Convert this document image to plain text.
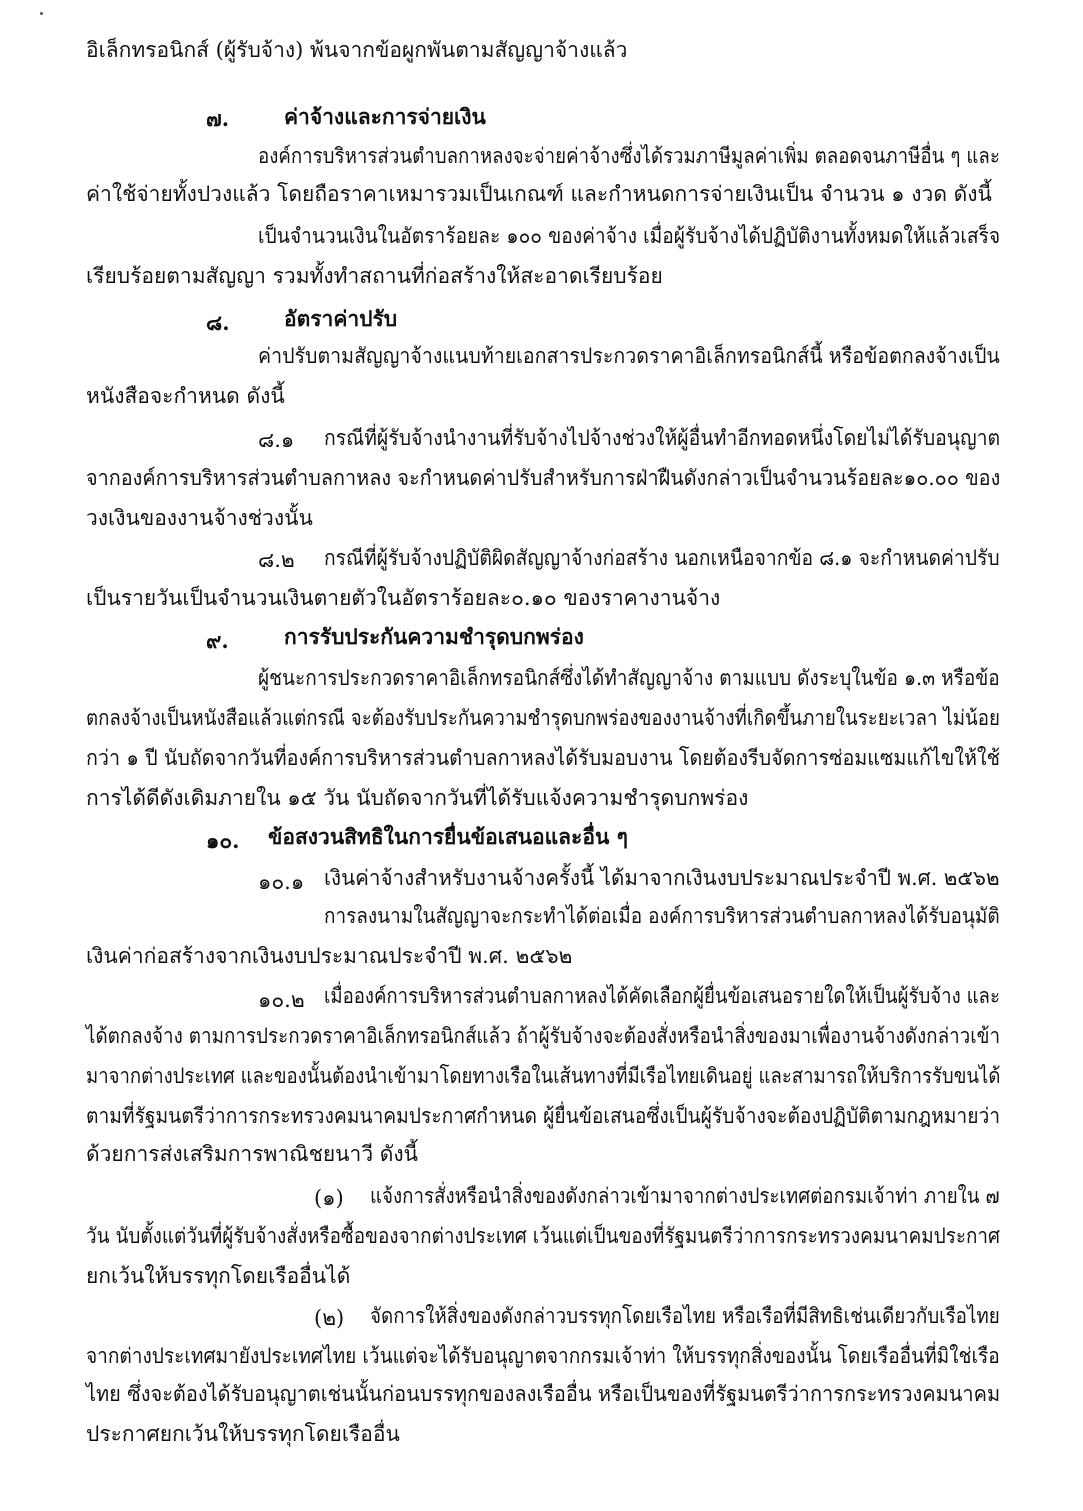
อิเล็กทรอนิกส์ (ผู้รับจ้าง) พ้นจากข้อผูกพันตามสัญญาจ้างแล้ว
๗.	ค่าจ้างและการจ่ายเงิน
องค์การบริหารส่วนตำบลกาหลงจะจ่ายค่าจ้างซึ่งได้รวมภาษีมูลค่าเพิ่ม ตลอดจนภาษีอื่น ๆ และ
ค่าใช้จ่ายทั้งปวงแล้ว โดยถือราคาเหมารวมเป็นเกณฑ์ และกำหนดการจ่ายเงินเป็น จำนวน ๑ งวด ดังนี้
เป็นจำนวนเงินในอัตราร้อยละ ๑๐๐ ของค่าจ้าง เมื่อผู้รับจ้างได้ปฏิบัติงานทั้งหมดให้แล้วเสร็จ
เรียบร้อยตามสัญญา รวมทั้งทำสถานที่ก่อสร้างให้สะอาดเรียบร้อย
๘.	อัตราค่าปรับ
ค่าปรับตามสัญญาจ้างแนบท้ายเอกสารประกวดราคาอิเล็กทรอนิกส์นี้ หรือข้อตกลงจ้างเป็น
หนังสือจะกำหนด ดังนี้
๘.๑ กรณีที่ผู้รับจ้างนำงานที่รับจ้างไปจ้างช่วงให้ผู้อื่นทำอีกทอดหนึ่งโดยไม่ได้รับอนุญาต
จากองค์การบริหารส่วนตำบลกาหลง จะกำหนดค่าปรับสำหรับการฝ่าฝืนดังกล่าวเป็นจำนวนร้อยละ๑๐.๐๐ ของ
วงเงินของงานจ้างช่วงนั้น
๘.๒ กรณีที่ผู้รับจ้างปฏิบัติผิดสัญญาจ้างก่อสร้าง นอกเหนือจากข้อ ๘.๑ จะกำหนดค่าปรับ
เป็นรายวันเป็นจำนวนเงินตายตัวในอัตราร้อยละ๐.๑๐ ของราคางานจ้าง
๙.	การรับประกันความชำรุดบกพร่อง
ผู้ชนะการประกวดราคาอิเล็กทรอนิกส์ซึ่งได้ทำสัญญาจ้าง ตามแบบ ดังระบุในข้อ ๑.๓ หรือข้อ
ตกลงจ้างเป็นหนังสือแล้วแต่กรณี จะต้องรับประกันความชำรุดบกพร่องของงานจ้างที่เกิดขึ้นภายในระยะเวลา ไม่น้อย
กว่า ๑ ปี นับถัดจากวันที่องค์การบริหารส่วนตำบลกาหลงได้รับมอบงาน โดยต้องรีบจัดการซ่อมแซมแก้ไขให้ใช้
การได้ดีดังเดิมภายใน ๑๕ วัน นับถัดจากวันที่ได้รับแจ้งความชำรุดบกพร่อง
๑๐. ข้อสงวนสิทธิในการยื่นข้อเสนอและอื่น ๆ
๑๐.๑ เงินค่าจ้างสำหรับงานจ้างครั้งนี้ ได้มาจากเงินงบประมาณประจำปี พ.ศ. ๒๕๖๒
การลงนามในสัญญาจะกระทำได้ต่อเมื่อ องค์การบริหารส่วนตำบลกาหลงได้รับอนุมัติ
เงินค่าก่อสร้างจากเงินงบประมาณประจำปี พ.ศ. ๒๕๖๒
๑๐.๒ เมื่อองค์การบริหารส่วนตำบลกาหลงได้คัดเลือกผู้ยื่นข้อเสนอรายใดให้เป็นผู้รับจ้าง และ
ได้ตกลงจ้าง ตามการประกวดราคาอิเล็กทรอนิกส์แล้ว ถ้าผู้รับจ้างจะต้องสั่งหรือนำสิ่งของมาเพื่องานจ้างดังกล่าวเข้า
มาจากต่างประเทศ และของนั้นต้องนำเข้ามาโดยทางเรือในเส้นทางที่มีเรือไทยเดินอยู่ และสามารถให้บริการรับขนได้
ตามที่รัฐมนตรีว่าการกระทรวงคมนาคมประกาศกำหนด ผู้ยื่นข้อเสนอซึ่งเป็นผู้รับจ้างจะต้องปฏิบัติตามกฎหมายว่า
ด้วยการส่งเสริมการพาณิชยนาวี ดังนี้
(๑) แจ้งการสั่งหรือนำสิ่งของดังกล่าวเข้ามาจากต่างประเทศต่อกรมเจ้าท่า ภายใน ๗
วัน นับตั้งแต่วันที่ผู้รับจ้างสั่งหรือซื้อของจากต่างประเทศ เว้นแต่เป็นของที่รัฐมนตรีว่าการกระทรวงคมนาคมประกาศ
ยกเว้นให้บรรทุกโดยเรืออื่นได้
(๒) จัดการให้สิ่งของดังกล่าวบรรทุกโดยเรือไทย หรือเรือที่มีสิทธิเช่นเดียวกับเรือไทย
จากต่างประเทศมายังประเทศไทย เว้นแต่จะได้รับอนุญาตจากกรมเจ้าท่า ให้บรรทุกสิ่งของนั้น โดยเรืออื่นที่มิใช่เรือ
ไทย ซึ่งจะต้องได้รับอนุญาตเช่นนั้นก่อนบรรทุกของลงเรืออื่น หรือเป็นของที่รัฐมนตรีว่าการกระทรวงคมนาคม
ประกาศยกเว้นให้บรรทุกโดยเรืออื่น
